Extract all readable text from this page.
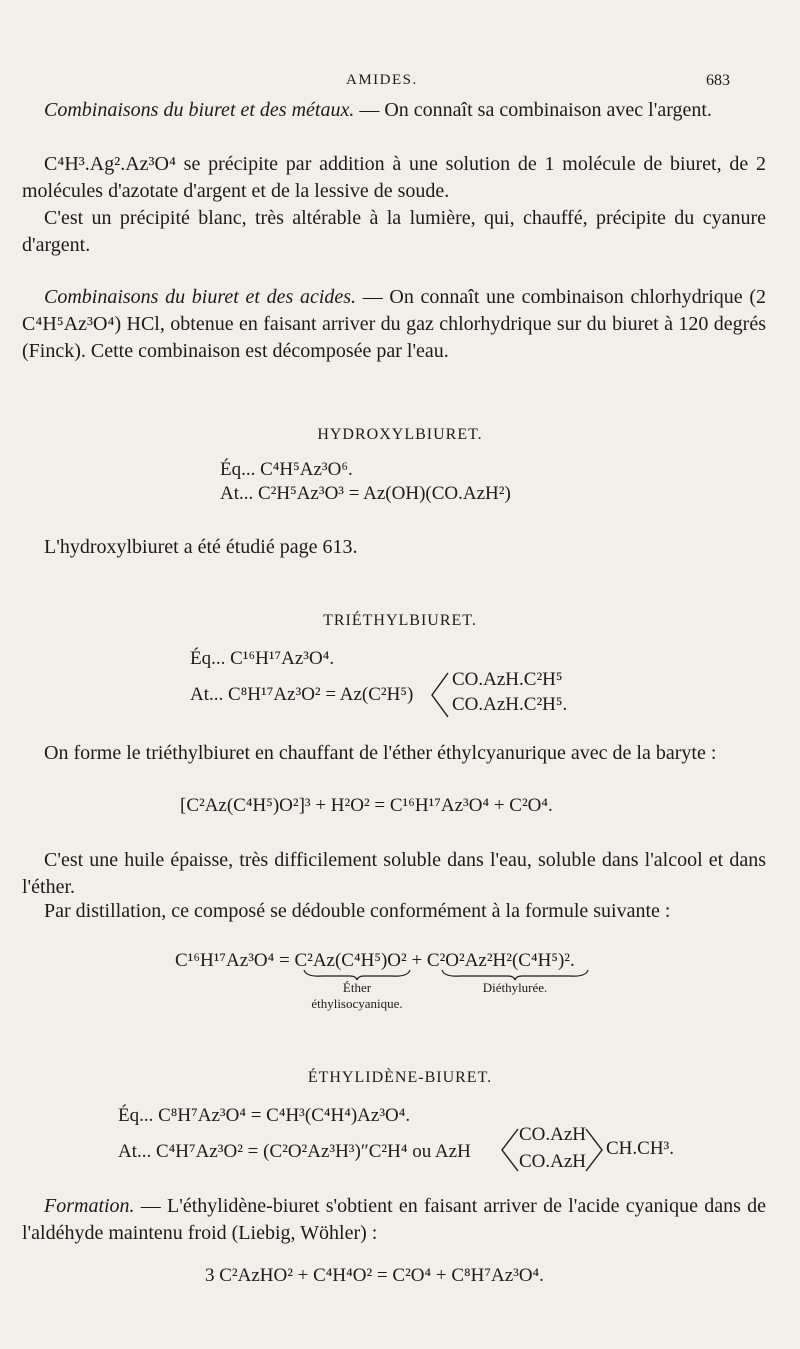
AMIDES.	683
Combinaisons du biuret et des métaux. — On connaît sa combinaison avec l'argent.
C⁴H³.Ag².Az³O⁴ se précipite par addition à une solution de 1 molécule de biuret, de 2 molécules d'azotate d'argent et de la lessive de soude.
C'est un précipité blanc, très altérable à la lumière, qui, chauffé, précipite du cyanure d'argent.
Combinaisons du biuret et des acides. — On connaît une combinaison chlorhydrique (2 C⁴H⁵Az³O⁴) HCl, obtenue en faisant arriver du gaz chlorhydrique sur du biuret à 120 degrés (Finck). Cette combinaison est décomposée par l'eau.
HYDROXYLBIURET.
Éq... C⁴H⁵Az³O⁶.
At... C²H⁵Az³O³ = Az(OH)(CO.AzH²)
L'hydroxylbiuret a été étudié page 613.
TRIÉTHYLBIURET.
Éq... C¹⁶H¹⁷Az³O⁴.
At... C⁸H¹⁷Az³O² = Az(C²H⁵)
CO.AzH.C²H⁵
CO.AzH.C²H⁵.
On forme le triéthylbiuret en chauffant de l'éther éthylcyanurique avec de la baryte :
[C²Az(C⁴H⁵)O²]³ + H²O² = C¹⁶H¹⁷Az³O⁴ + C²O⁴.
C'est une huile épaisse, très difficilement soluble dans l'eau, soluble dans l'alcool et dans l'éther.
Par distillation, ce composé se dédouble conformément à la formule suivante :
C¹⁶H¹⁷Az³O⁴ = C²Az(C⁴H⁵)O² + C²O²Az²H²(C⁴H⁵)².
Éther
éthylisocyanique.
Diéthylurée.
ÉTHYLIDÈNE-BIURET.
Éq... C⁸H⁷Az³O⁴ = C⁴H³(C⁴H⁴)Az³O⁴.
At... C⁴H⁷Az³O² = (C²O²Az³H³)″C²H⁴ ou AzH
CO.AzH
CO.AzH
CH.CH³.
Formation. — L'éthylidène-biuret s'obtient en faisant arriver de l'acide cyanique dans de l'aldéhyde maintenu froid (Liebig, Wöhler) :
3 C²AzHO² + C⁴H⁴O² = C²O⁴ + C⁸H⁷Az³O⁴.
